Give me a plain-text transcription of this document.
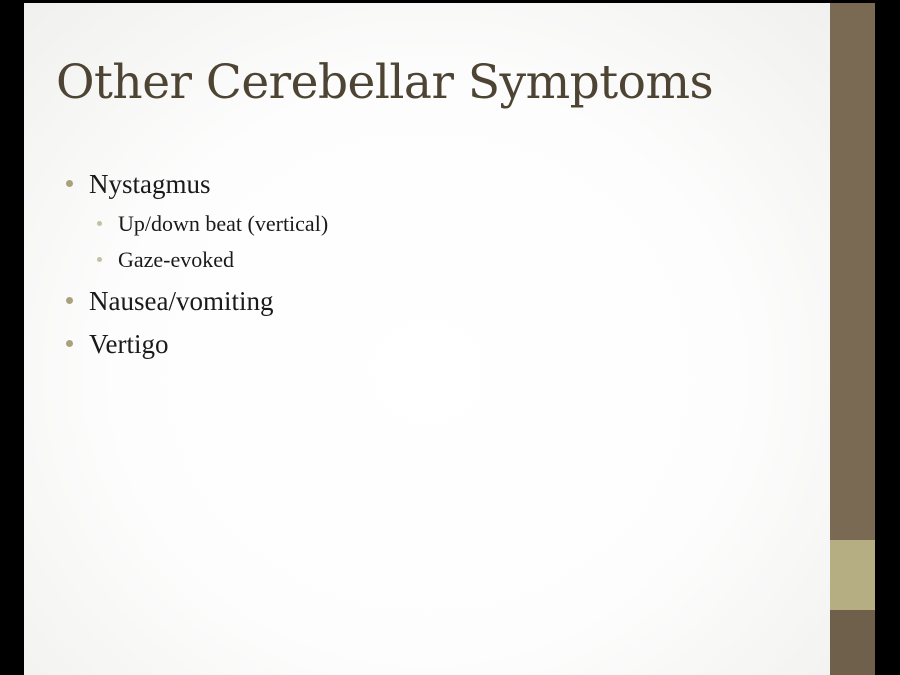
Other Cerebellar Symptoms
Nystagmus
Up/down beat (vertical)
Gaze-evoked
Nausea/vomiting
Vertigo
